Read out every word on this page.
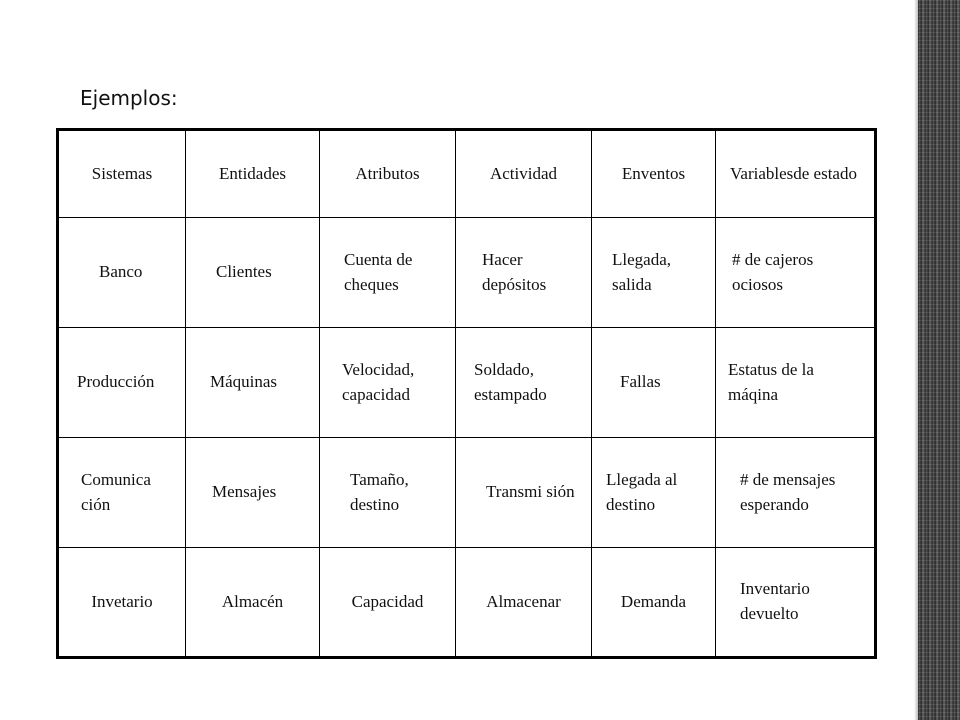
Ejemplos:
Sistemas	Entidades	Atributos	Actividad	Enventos	Variablesde estado
Banco	Clientes	Cuenta de cheques	Hacer depósitos	Llegada, salida	# de cajeros ociosos
Producción	Máquinas	Velocidad, capacidad	Soldado, estampado	Fallas	Estatus de la máqina
Comunica ción	Mensajes	Tamaño, destino	Transmi sión	Llegada al destino	# de mensajes esperando
Invetario	Almacén	Capacidad	Almacenar	Demanda	Inventario devuelto
